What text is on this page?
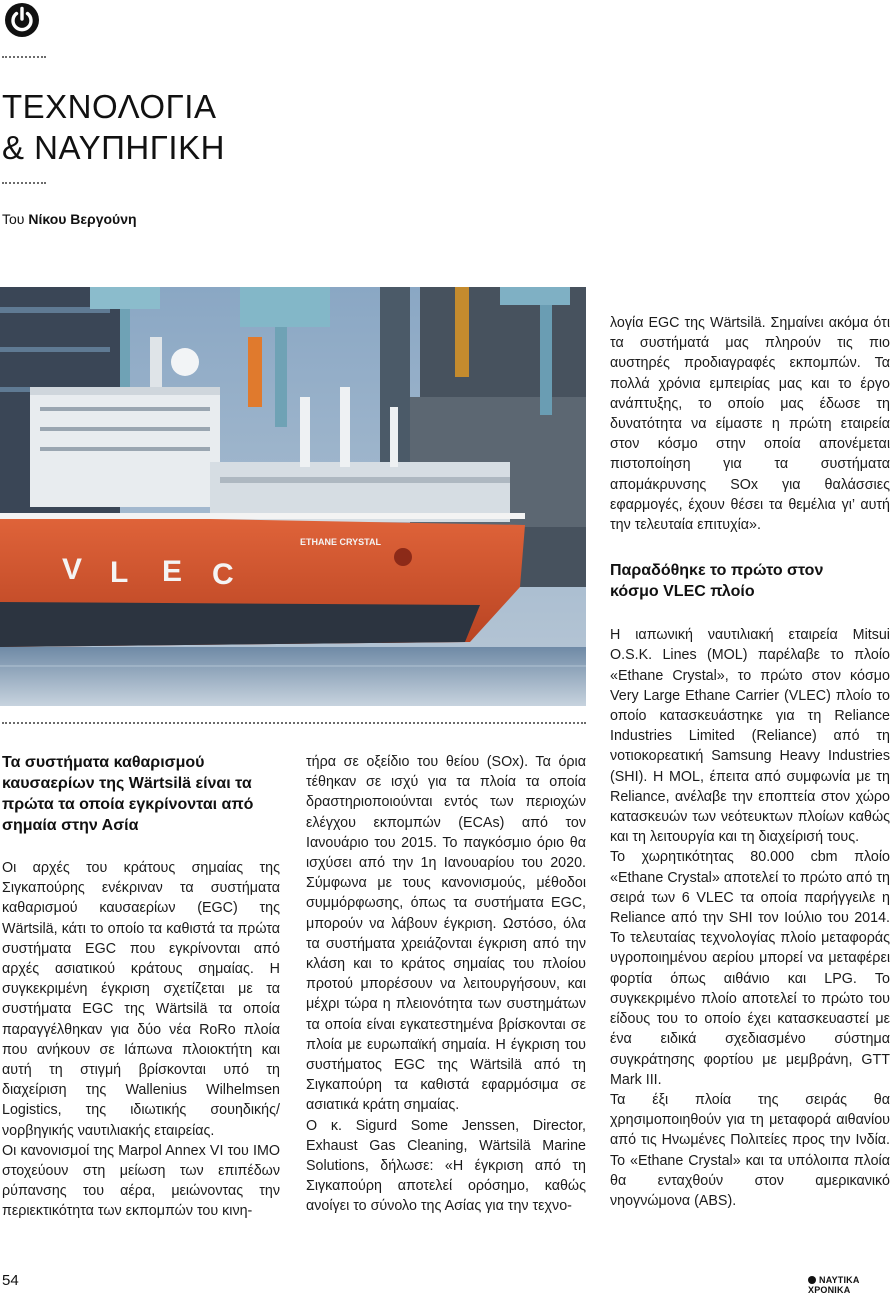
ΤΕΧΝΟΛΟΓΙΑ
& ΝΑΥΠΗΓΙΚΗ
Του Νίκου Βεργούνη
V L E C
ETHANE CRYSTAL
Τα συστήματα καθαρισμού καυσαερίων της Wärtsilä είναι τα πρώτα τα οποία εγκρίνονται από σημαία στην Ασία

Οι αρχές του κράτους σημαίας της Σιγκαπούρης ενέκριναν τα συστήματα καθαρισμού καυσαερίων (EGC) της Wärtsilä, κάτι το οποίο τα καθιστά τα πρώτα συστήματα EGC που εγκρίνονται από αρχές ασιατικού κράτους σημαίας. Η συγκεκριμένη έγκριση σχετίζεται με τα συστήματα EGC της Wärtsilä τα οποία παραγγέλθηκαν για δύο νέα RoRo πλοία που ανήκουν σε Ιάπωνα πλοιοκτήτη και αυτή τη στιγμή βρίσκονται υπό τη διαχείριση της Wallenius Wilhelmsen Logistics, της ιδιωτικής σουηδικής/νορβηγικής ναυτιλιακής εταιρείας.

Οι κανονισμοί της Marpol Annex VI του IMO στοχεύουν στη μείωση των επιπέδων ρύπανσης του αέρα, μειώνοντας την περιεκτικότητα των εκπομπών του κινη-

τήρα σε οξείδιο του θείου (SOx). Τα όρια τέθηκαν σε ισχύ για τα πλοία τα οποία δραστηριοποιούνται εντός των περιοχών ελέγχου εκπομπών (ECAs) από τον Ιανουάριο του 2015. Το παγκόσμιο όριο θα ισχύσει από την 1η Ιανουαρίου του 2020. Σύμφωνα με τους κανονισμούς, μέθοδοι συμμόρφωσης, όπως τα συστήματα EGC, μπορούν να λάβουν έγκριση. Ωστόσο, όλα τα συστήματα χρειάζονται έγκριση από την κλάση και το κράτος σημαίας του πλοίου προτού μπορέσουν να λειτουργήσουν, και μέχρι τώρα η πλειονότητα των συστημάτων τα οποία είναι εγκατεστημένα βρίσκονται σε πλοία με ευρωπαϊκή σημαία. Η έγκριση του συστήματος EGC της Wärtsilä από τη Σιγκαπούρη τα καθιστά εφαρμόσιμα σε ασιατικά κράτη σημαίας.

Ο κ. Sigurd Some Jenssen, Director, Exhaust Gas Cleaning, Wärtsilä Marine Solutions, δήλωσε: «Η έγκριση από τη Σιγκαπούρη αποτελεί ορόσημο, καθώς ανοίγει το σύνολο της Ασίας για την τεχνο-

λογία EGC της Wärtsilä. Σημαίνει ακόμα ότι τα συστήματά μας πληρούν τις πιο αυστηρές προδιαγραφές εκπομπών. Τα πολλά χρόνια εμπειρίας μας και το έργο ανάπτυξης, το οποίο μας έδωσε τη δυνατότητα να είμαστε η πρώτη εταιρεία στον κόσμο στην οποία απονέμεται πιστοποίηση για τα συστήματα απομάκρυνσης SOx για θαλάσσιες εφαρμογές, έχουν θέσει τα θεμέλια γι’ αυτή την τελευταία επιτυχία».

Παραδόθηκε το πρώτο στον κόσμο VLEC πλοίο

Η ιαπωνική ναυτιλιακή εταιρεία Mitsui O.S.K. Lines (MOL) παρέλαβε το πλοίο «Ethane Crystal», το πρώτο στον κόσμο Very Large Ethane Carrier (VLEC) πλοίο το οποίο κατασκευάστηκε για τη Reliance Industries Limited (Reliance) από τη νοτιοκορεατική Samsung Heavy Industries (SHI). Η MOL, έπειτα από συμφωνία με τη Reliance, ανέλαβε την εποπτεία στον χώρο κατασκευών των νεότευκτων πλοίων καθώς και τη λειτουργία και τη διαχείρισή τους.

Το χωρητικότητας 80.000 cbm πλοίο «Ethane Crystal» αποτελεί το πρώτο από τη σειρά των 6 VLEC τα οποία παρήγγειλε η Reliance από την SHI τον Ιούλιο του 2014. Το τελευταίας τεχνολογίας πλοίο μεταφοράς υγροποιημένου αερίου μπορεί να μεταφέρει φορτία όπως αιθάνιο και LPG. Το συγκεκριμένο πλοίο αποτελεί το πρώτο του είδους του το οποίο έχει κατασκευαστεί με ένα ειδικά σχεδιασμένο σύστημα συγκράτησης φορτίου με μεμβράνη, GTT Mark III.

Τα έξι πλοία της σειράς θα χρησιμοποιηθούν για τη μεταφορά αιθανίου από τις Ηνωμένες Πολιτείες προς την Ινδία. Το «Ethane Crystal» και τα υπόλοιπα πλοία θα ενταχθούν στον αμερικανικό νηογνώμονα (ABS).

54	ΝΑΥΤΙΚΑ ΧΡΟΝΙΚΑ
